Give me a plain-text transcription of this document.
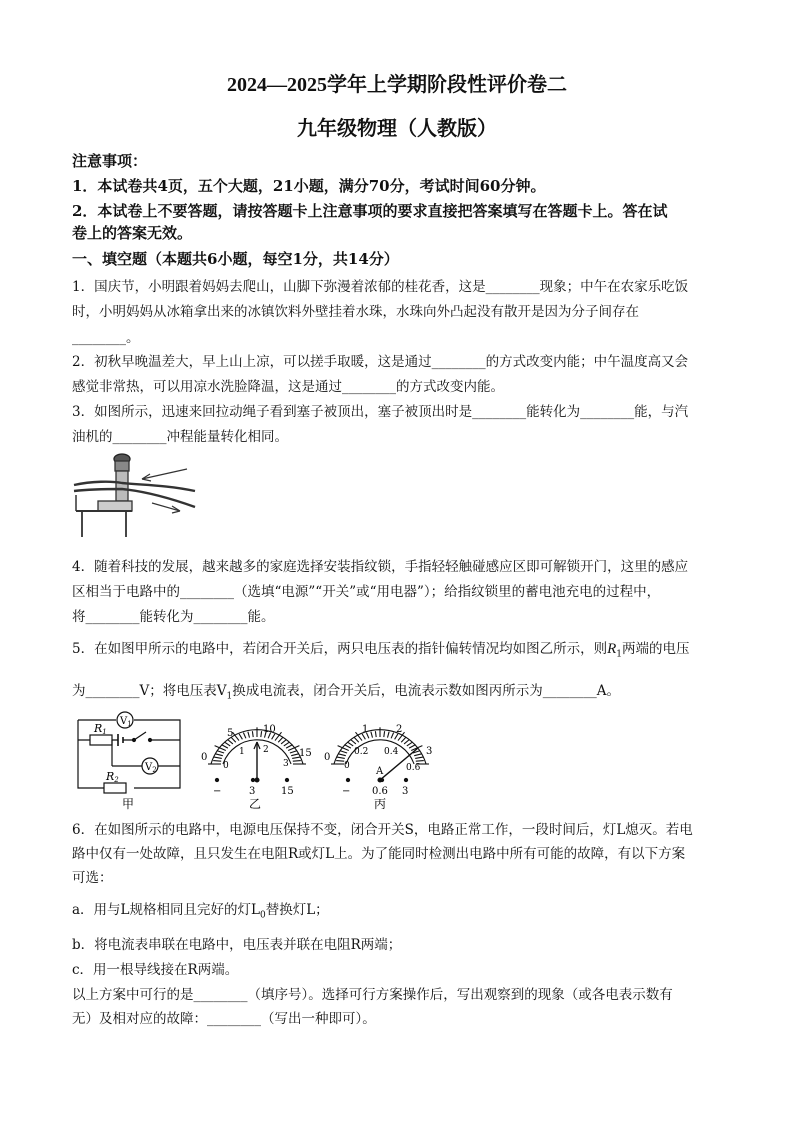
2024—2025学年上学期阶段性评价卷二
九年级物理（人教版）
注意事项：
1．本试卷共4页，五个大题，21小题，满分70分，考试时间60分钟。
2．本试卷上不要答题，请按答题卡上注意事项的要求直接把答案填写在答题卡上。答在试
卷上的答案无效。
一、填空题（本题共6小题，每空1分，共14分）
1．国庆节，小明跟着妈妈去爬山，山脚下弥漫着浓郁的桂花香，这是________现象；中午在农家乐吃饭
时，小明妈妈从冰箱拿出来的冰镇饮料外壁挂着水珠，水珠向外凸起没有散开是因为分子间存在
________。
2．初秋早晚温差大，早上山上凉，可以搓手取暖，这是通过________的方式改变内能；中午温度高又会
感觉非常热，可以用凉水洗脸降温，这是通过________的方式改变内能。
3．如图所示，迅速来回拉动绳子看到塞子被顶出，塞子被顶出时是________能转化为________能，与汽
油机的________冲程能量转化相同。
4．随着科技的发展，越来越多的家庭选择安装指纹锁，手指轻轻触碰感应区即可解锁开门，这里的感应
区相当于电路中的________（选填“电源”“开关”或“用电器”）；给指纹锁里的蓄电池充电的过程中，
将________能转化为________能。
5．在如图甲所示的电路中，若闭合开关后，两只电压表的指针偏转情况均如图乙所示，则$R_1$两端的电压
为________V；将电压表$V_1$换成电流表，闭合开关后，电流表示数如图丙所示为________A。
$V_1$
$V_2$
R1
R2
甲
0
5	10
15
0
1 2
3
−	3	15
乙
0
1	2
3
0
0.2 0.4
0.6
A
− 0.6 3
丙
6．在如图所示的电路中，电源电压保持不变，闭合开关S，电路正常工作，一段时间后，灯L熄灭。若电
路中仅有一处故障，且只发生在电阻R或灯L上。为了能同时检测出电路中所有可能的故障，有以下方案
可选：
a．用与L规格相同且完好的灯$L_0$替换灯L；
b．将电流表串联在电路中，电压表并联在电阻R两端；
c．用一根导线接在R两端。
以上方案中可行的是________（填序号）。选择可行方案操作后，写出观察到的现象（或各电表示数有
无）及相对应的故障：________（写出一种即可）。
